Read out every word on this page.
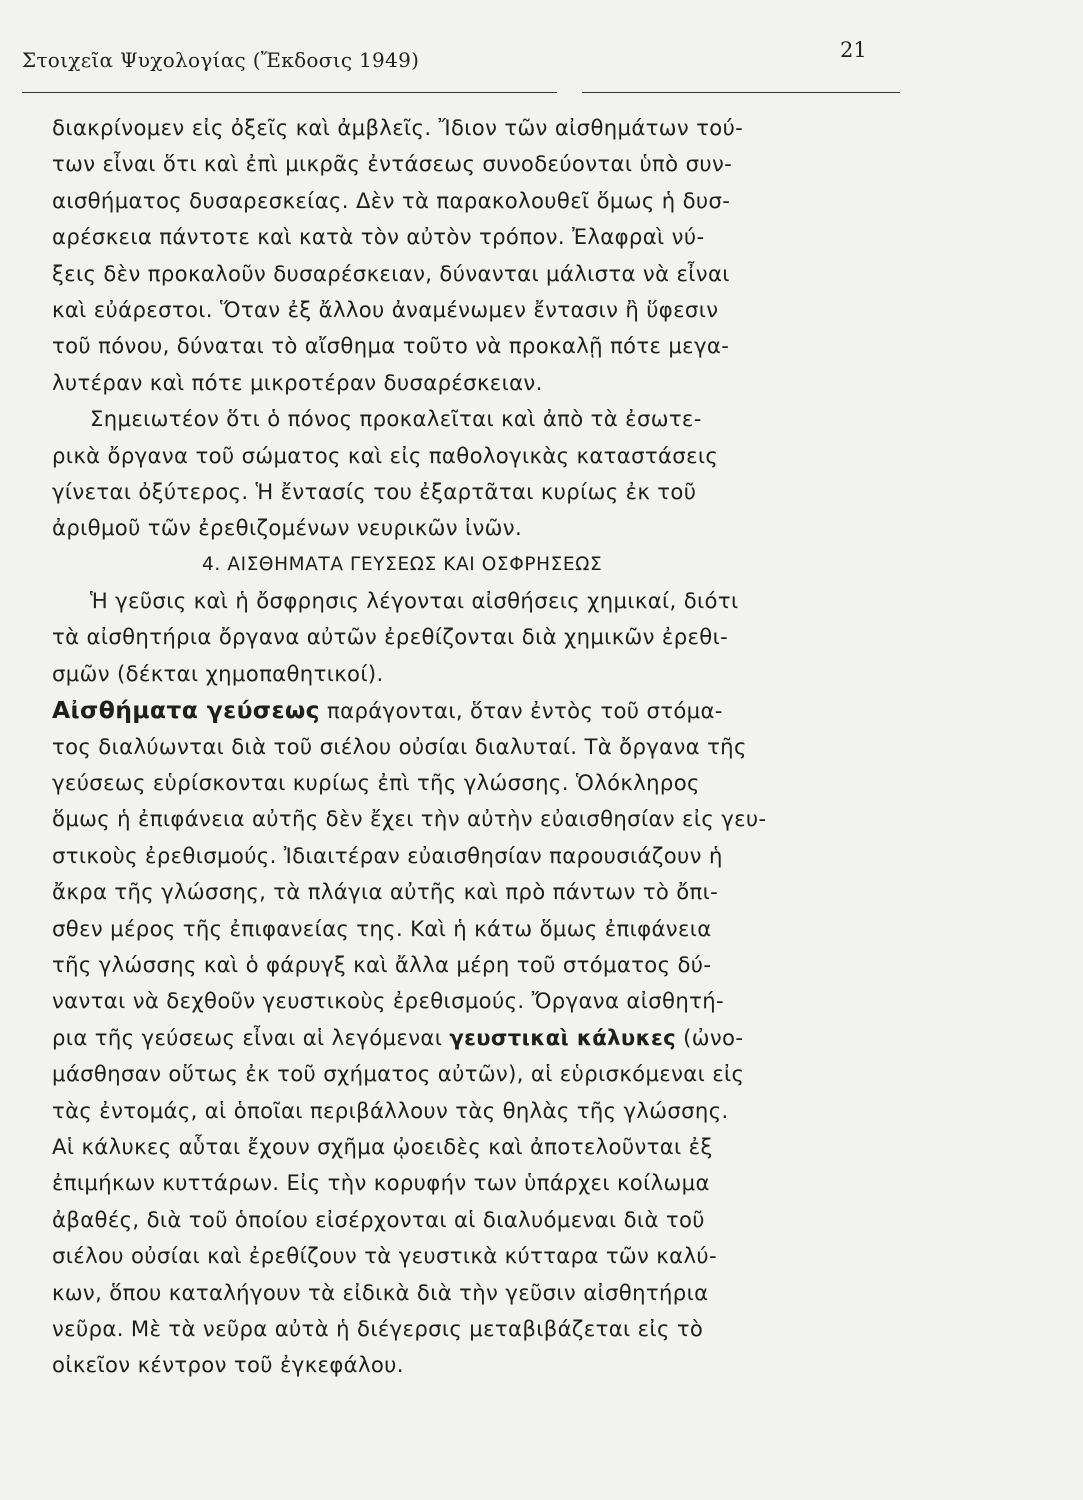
Στοιχεῖα Ψυχολογίας (Ἔκδοσις 1949)	21
διακρίνομεν εἰς ὀξεῖς καὶ ἀμβλεῖς. Ἴδιον τῶν αἰσθημάτων τού-
των εἶναι ὅτι καὶ ἐπὶ μικρᾶς ἐντάσεως συνοδεύονται ὑπὸ συν-
αισθήματος δυσαρεσκείας. Δὲν τὰ παρακολουθεῖ ὅμως ἡ δυσ-
αρέσκεια πάντοτε καὶ κατὰ τὸν αὐτὸν τρόπον. Ἐλαφραὶ νύ-
ξεις δὲν προκαλοῦν δυσαρέσκειαν, δύνανται μάλιστα νὰ εἶναι
καὶ εὐάρεστοι. Ὅταν ἐξ ἄλλου ἀναμένωμεν ἔντασιν ἢ ὕφεσιν
τοῦ πόνου, δύναται τὸ αἴσθημα τοῦτο νὰ προκαλῇ πότε μεγα-
λυτέραν καὶ πότε μικροτέραν δυσαρέσκειαν.
Σημειωτέον ὅτι ὁ πόνος προκαλεῖται καὶ ἀπὸ τὰ ἐσωτε-
ρικὰ ὄργανα τοῦ σώματος καὶ εἰς παθολογικὰς καταστάσεις
γίνεται ὀξύτερος. Ἡ ἔντασίς του ἐξαρτᾶται κυρίως ἐκ τοῦ
ἀριθμοῦ τῶν ἐρεθιζομένων νευρικῶν ἰνῶν.
4. ΑΙΣΘΗΜΑΤΑ ΓΕΥΣΕΩΣ ΚΑΙ ΟΣΦΡΗΣΕΩΣ
Ἡ γεῦσις καὶ ἡ ὄσφρησις λέγονται αἰσθήσεις χημικαί, διότι
τὰ αἰσθητήρια ὄργανα αὐτῶν ἐρεθίζονται διὰ χημικῶν ἐρεθι-
σμῶν (δέκται χημοπαθητικοί).
Αἰσθήματα γεύσεως παράγονται, ὅταν ἐντὸς τοῦ στόμα-
τος διαλύωνται διὰ τοῦ σιέλου οὐσίαι διαλυταί. Τὰ ὄργανα τῆς
γεύσεως εὑρίσκονται κυρίως ἐπὶ τῆς γλώσσης. Ὁλόκληρος
ὅμως ἡ ἐπιφάνεια αὐτῆς δὲν ἔχει τὴν αὐτὴν εὐαισθησίαν εἰς γευ-
στικοὺς ἐρεθισμούς. Ἰδιαιτέραν εὐαισθησίαν παρουσιάζουν ἡ
ἄκρα τῆς γλώσσης, τὰ πλάγια αὐτῆς καὶ πρὸ πάντων τὸ ὄπι-
σθεν μέρος τῆς ἐπιφανείας της. Καὶ ἡ κάτω ὅμως ἐπιφάνεια
τῆς γλώσσης καὶ ὁ φάρυγξ καὶ ἄλλα μέρη τοῦ στόματος δύ-
νανται νὰ δεχθοῦν γευστικοὺς ἐρεθισμούς. Ὄργανα αἰσθητή-
ρια τῆς γεύσεως εἶναι αἱ λεγόμεναι γευστικαὶ κάλυκες (ὠνο-
μάσθησαν οὕτως ἐκ τοῦ σχήματος αὐτῶν), αἱ εὑρισκόμεναι εἰς
τὰς ἐντομάς, αἱ ὁποῖαι περιβάλλουν τὰς θηλὰς τῆς γλώσσης.
Αἱ κάλυκες αὗται ἔχουν σχῆμα ᾠοειδὲς καὶ ἀποτελοῦνται ἐξ
ἐπιμήκων κυττάρων. Εἰς τὴν κορυφήν των ὑπάρχει κοίλωμα
ἀβαθές, διὰ τοῦ ὁποίου εἰσέρχονται αἱ διαλυόμεναι διὰ τοῦ
σιέλου οὐσίαι καὶ ἐρεθίζουν τὰ γευστικὰ κύτταρα τῶν καλύ-
κων, ὅπου καταλήγουν τὰ εἰδικὰ διὰ τὴν γεῦσιν αἰσθητήρια
νεῦρα. Μὲ τὰ νεῦρα αὐτὰ ἡ διέγερσις μεταβιβάζεται εἰς τὸ
οἰκεῖον κέντρον τοῦ ἐγκεφάλου.
